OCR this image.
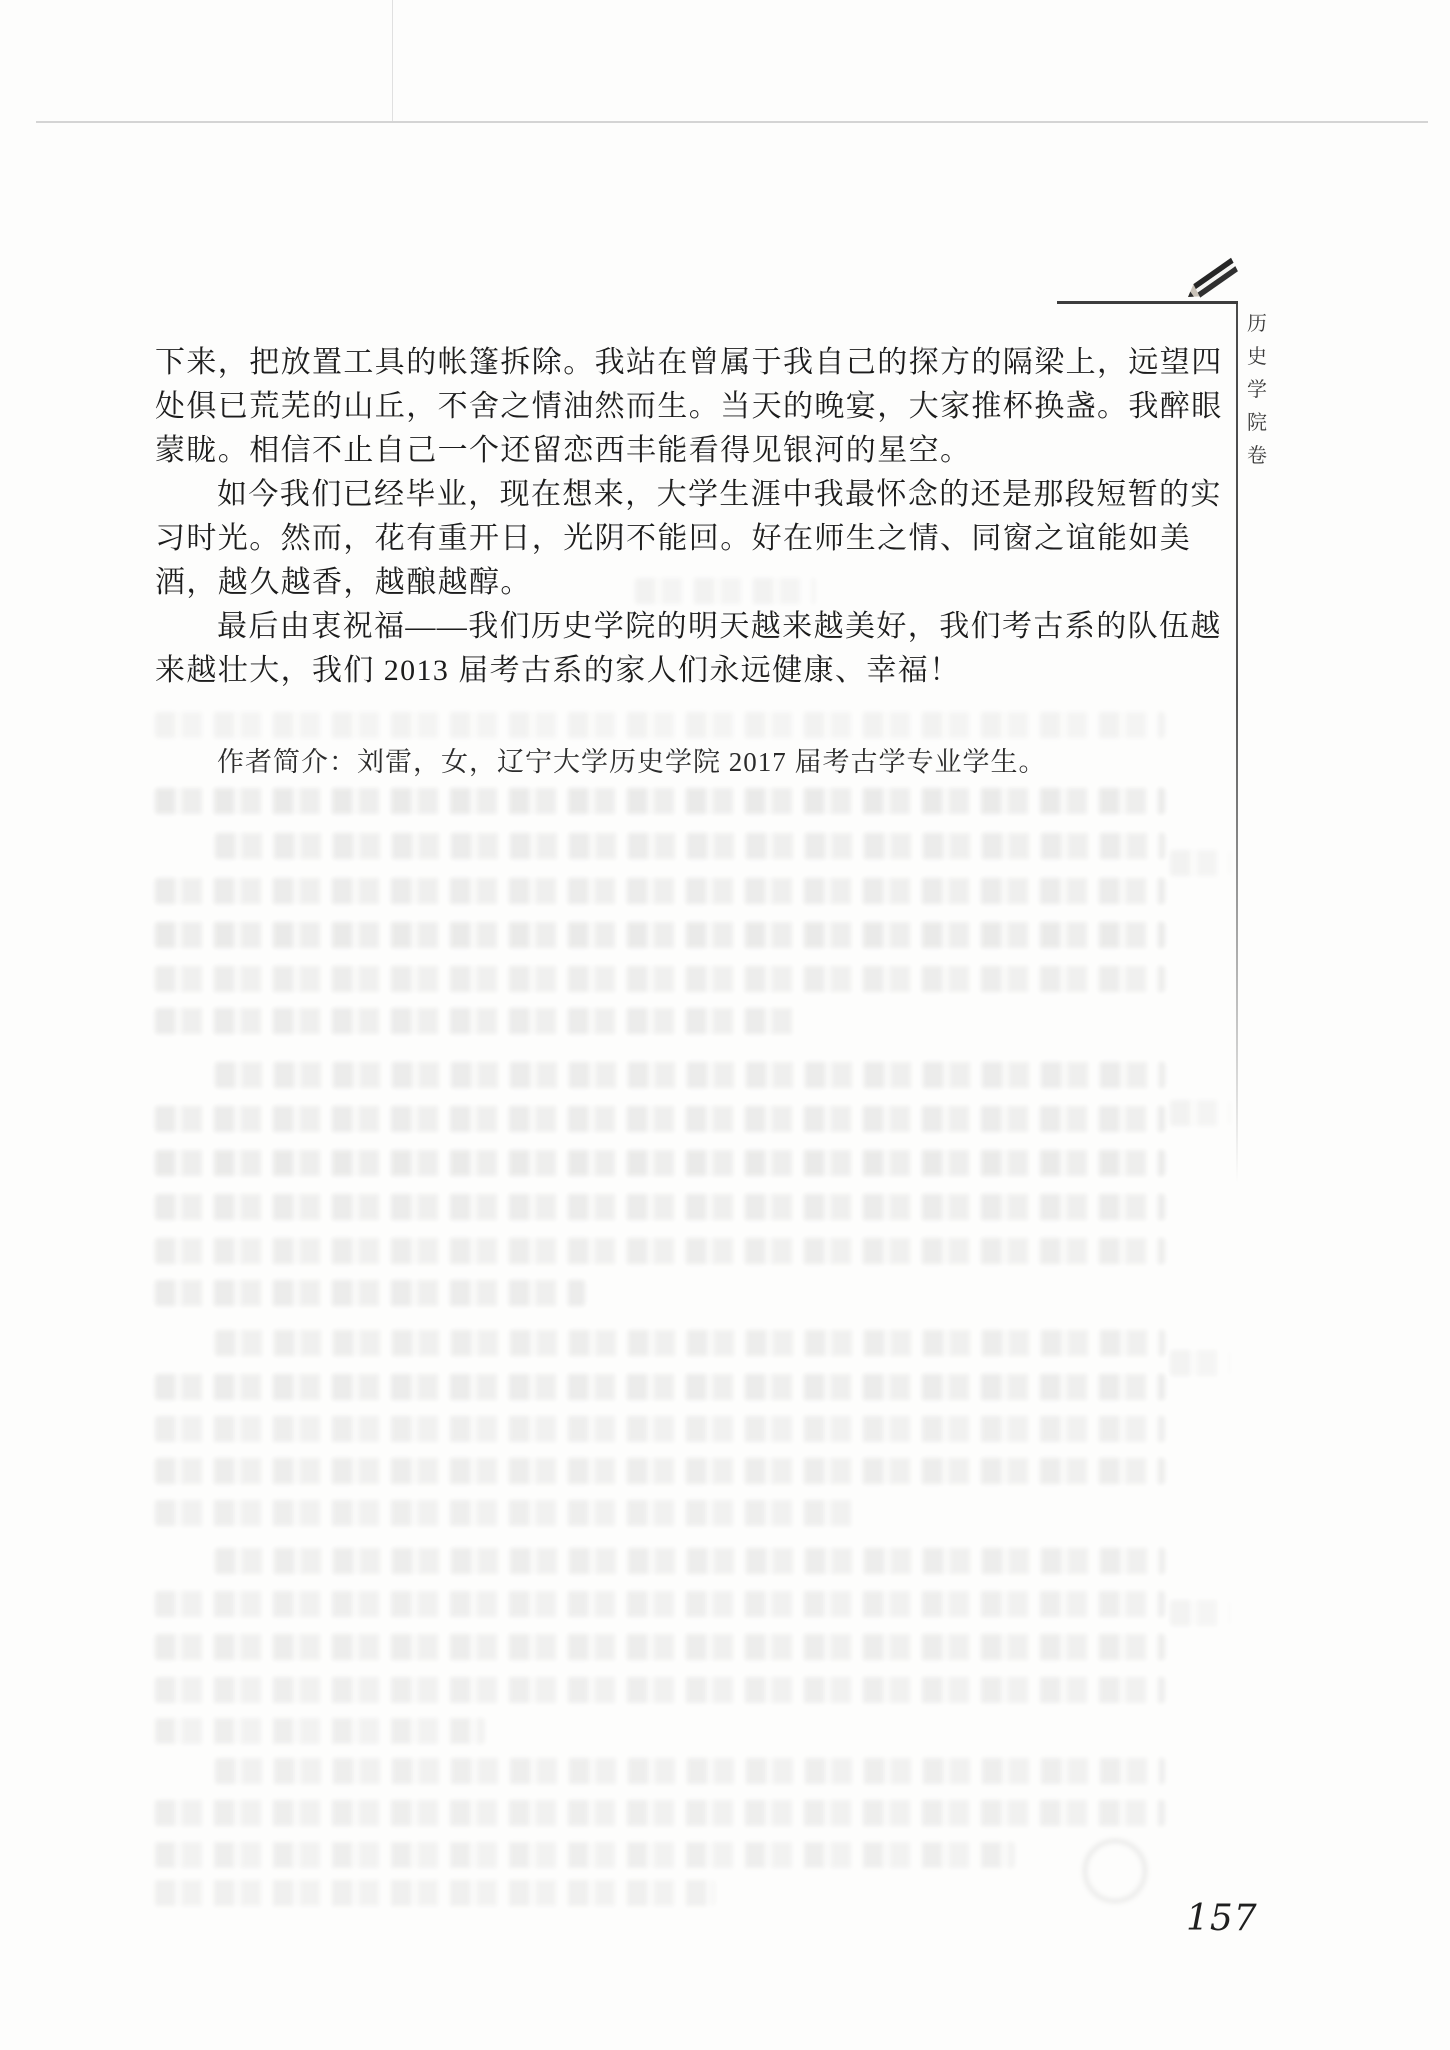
历
史
学
院
卷
下来，把放置工具的帐篷拆除。我站在曾属于我自己的探方的隔梁上，远望四
处俱已荒芜的山丘，不舍之情油然而生。当天的晚宴，大家推杯换盏。我醉眼
蒙眬。相信不止自己一个还留恋西丰能看得见银河的星空。
如今我们已经毕业，现在想来，大学生涯中我最怀念的还是那段短暂的实
习时光。然而，花有重开日，光阴不能回。好在师生之情、同窗之谊能如美
酒，越久越香，越酿越醇。
最后由衷祝福——我们历史学院的明天越来越美好，我们考古系的队伍越
来越壮大，我们 2013 届考古系的家人们永远健康、幸福！
作者简介：刘雷，女，辽宁大学历史学院 2017 届考古学专业学生。
157
